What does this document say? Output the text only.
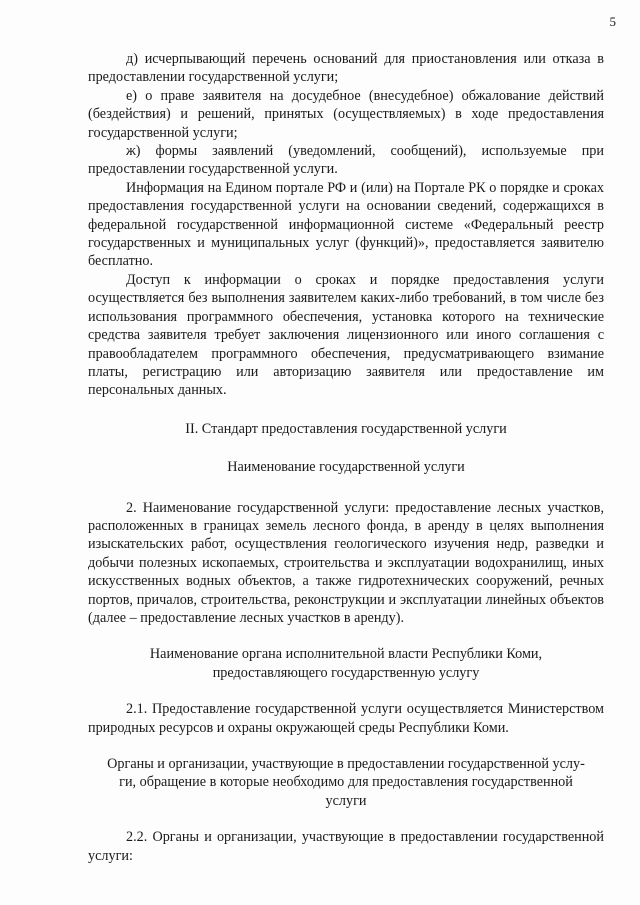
5

д) исчерпывающий перечень оснований для приостановления или отказа в предоставлении государственной услуги;

е) о праве заявителя на досудебное (внесудебное) обжалование действий (бездействия) и решений, принятых (осуществляемых) в ходе предоставления государственной услуги;

ж) формы заявлений (уведомлений, сообщений), используемые при предоставлении государственной услуги.

Информация на Едином портале РФ и (или) на Портале РК о порядке и сроках предоставления государственной услуги на основании сведений, содержащихся в федеральной государственной информационной системе «Федеральный реестр государственных и муниципальных услуг (функций)», предоставляется заявителю бесплатно.

Доступ к информации о сроках и порядке предоставления услуги осуществляется без выполнения заявителем каких-либо требований, в том числе без использования программного обеспечения, установка которого на технические средства заявителя требует заключения лицензионного или иного соглашения с правообладателем программного обеспечения, предусматривающего взимание платы, регистрацию или авторизацию заявителя или предоставление им персональных данных.

II. Стандарт предоставления государственной услуги

Наименование государственной услуги

2. Наименование государственной услуги: предоставление лесных участков, расположенных в границах земель лесного фонда, в аренду в целях выполнения изыскательских работ, осуществления геологического изучения недр, разведки и добычи полезных ископаемых, строительства и эксплуатации водохранилищ, иных искусственных водных объектов, а также гидротехнических сооружений, речных портов, причалов, строительства, реконструкции и эксплуатации линейных объектов (далее – предоставление лесных участков в аренду).

Наименование органа исполнительной власти Республики Коми,

предоставляющего государственную услугу

2.1. Предоставление государственной услуги осуществляется Министерством природных ресурсов и охраны окружающей среды Республики Коми.

Органы и организации, участвующие в предоставлении государственной услу-

ги, обращение в которые необходимо для предоставления государственной

услуги

2.2. Органы и организации, участвующие в предоставлении государственной услуги:
